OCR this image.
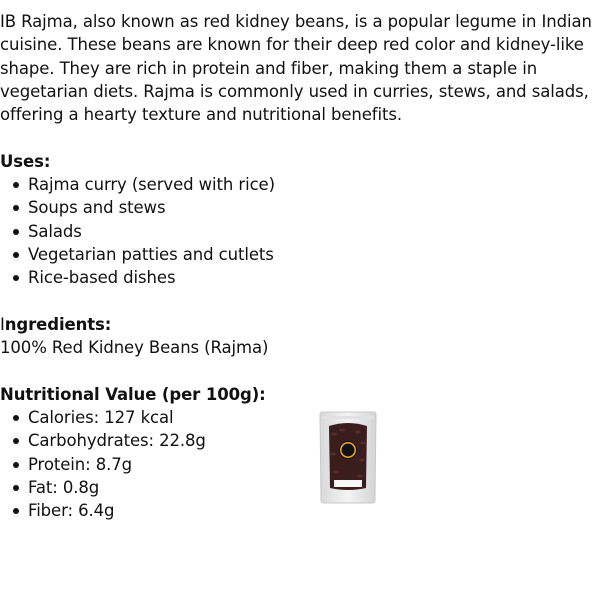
IB Rajma, also known as red kidney beans, is a popular legume in Indian cuisine. These beans are known for their deep red color and kidney-like shape. They are rich in protein and fiber, making them a staple in vegetarian diets. Rajma is commonly used in curries, stews, and salads, offering a hearty texture and nutritional benefits.

Uses:

Rajma curry (served with rice)
Soups and stews
Salads
Vegetarian patties and cutlets
Rice-based dishes

Ingredients:

100% Red Kidney Beans (Rajma)

Nutritional Value (per 100g):

Calories: 127 kcal
Carbohydrates: 22.8g
Protein: 8.7g
Fat: 0.8g
Fiber: 6.4g
